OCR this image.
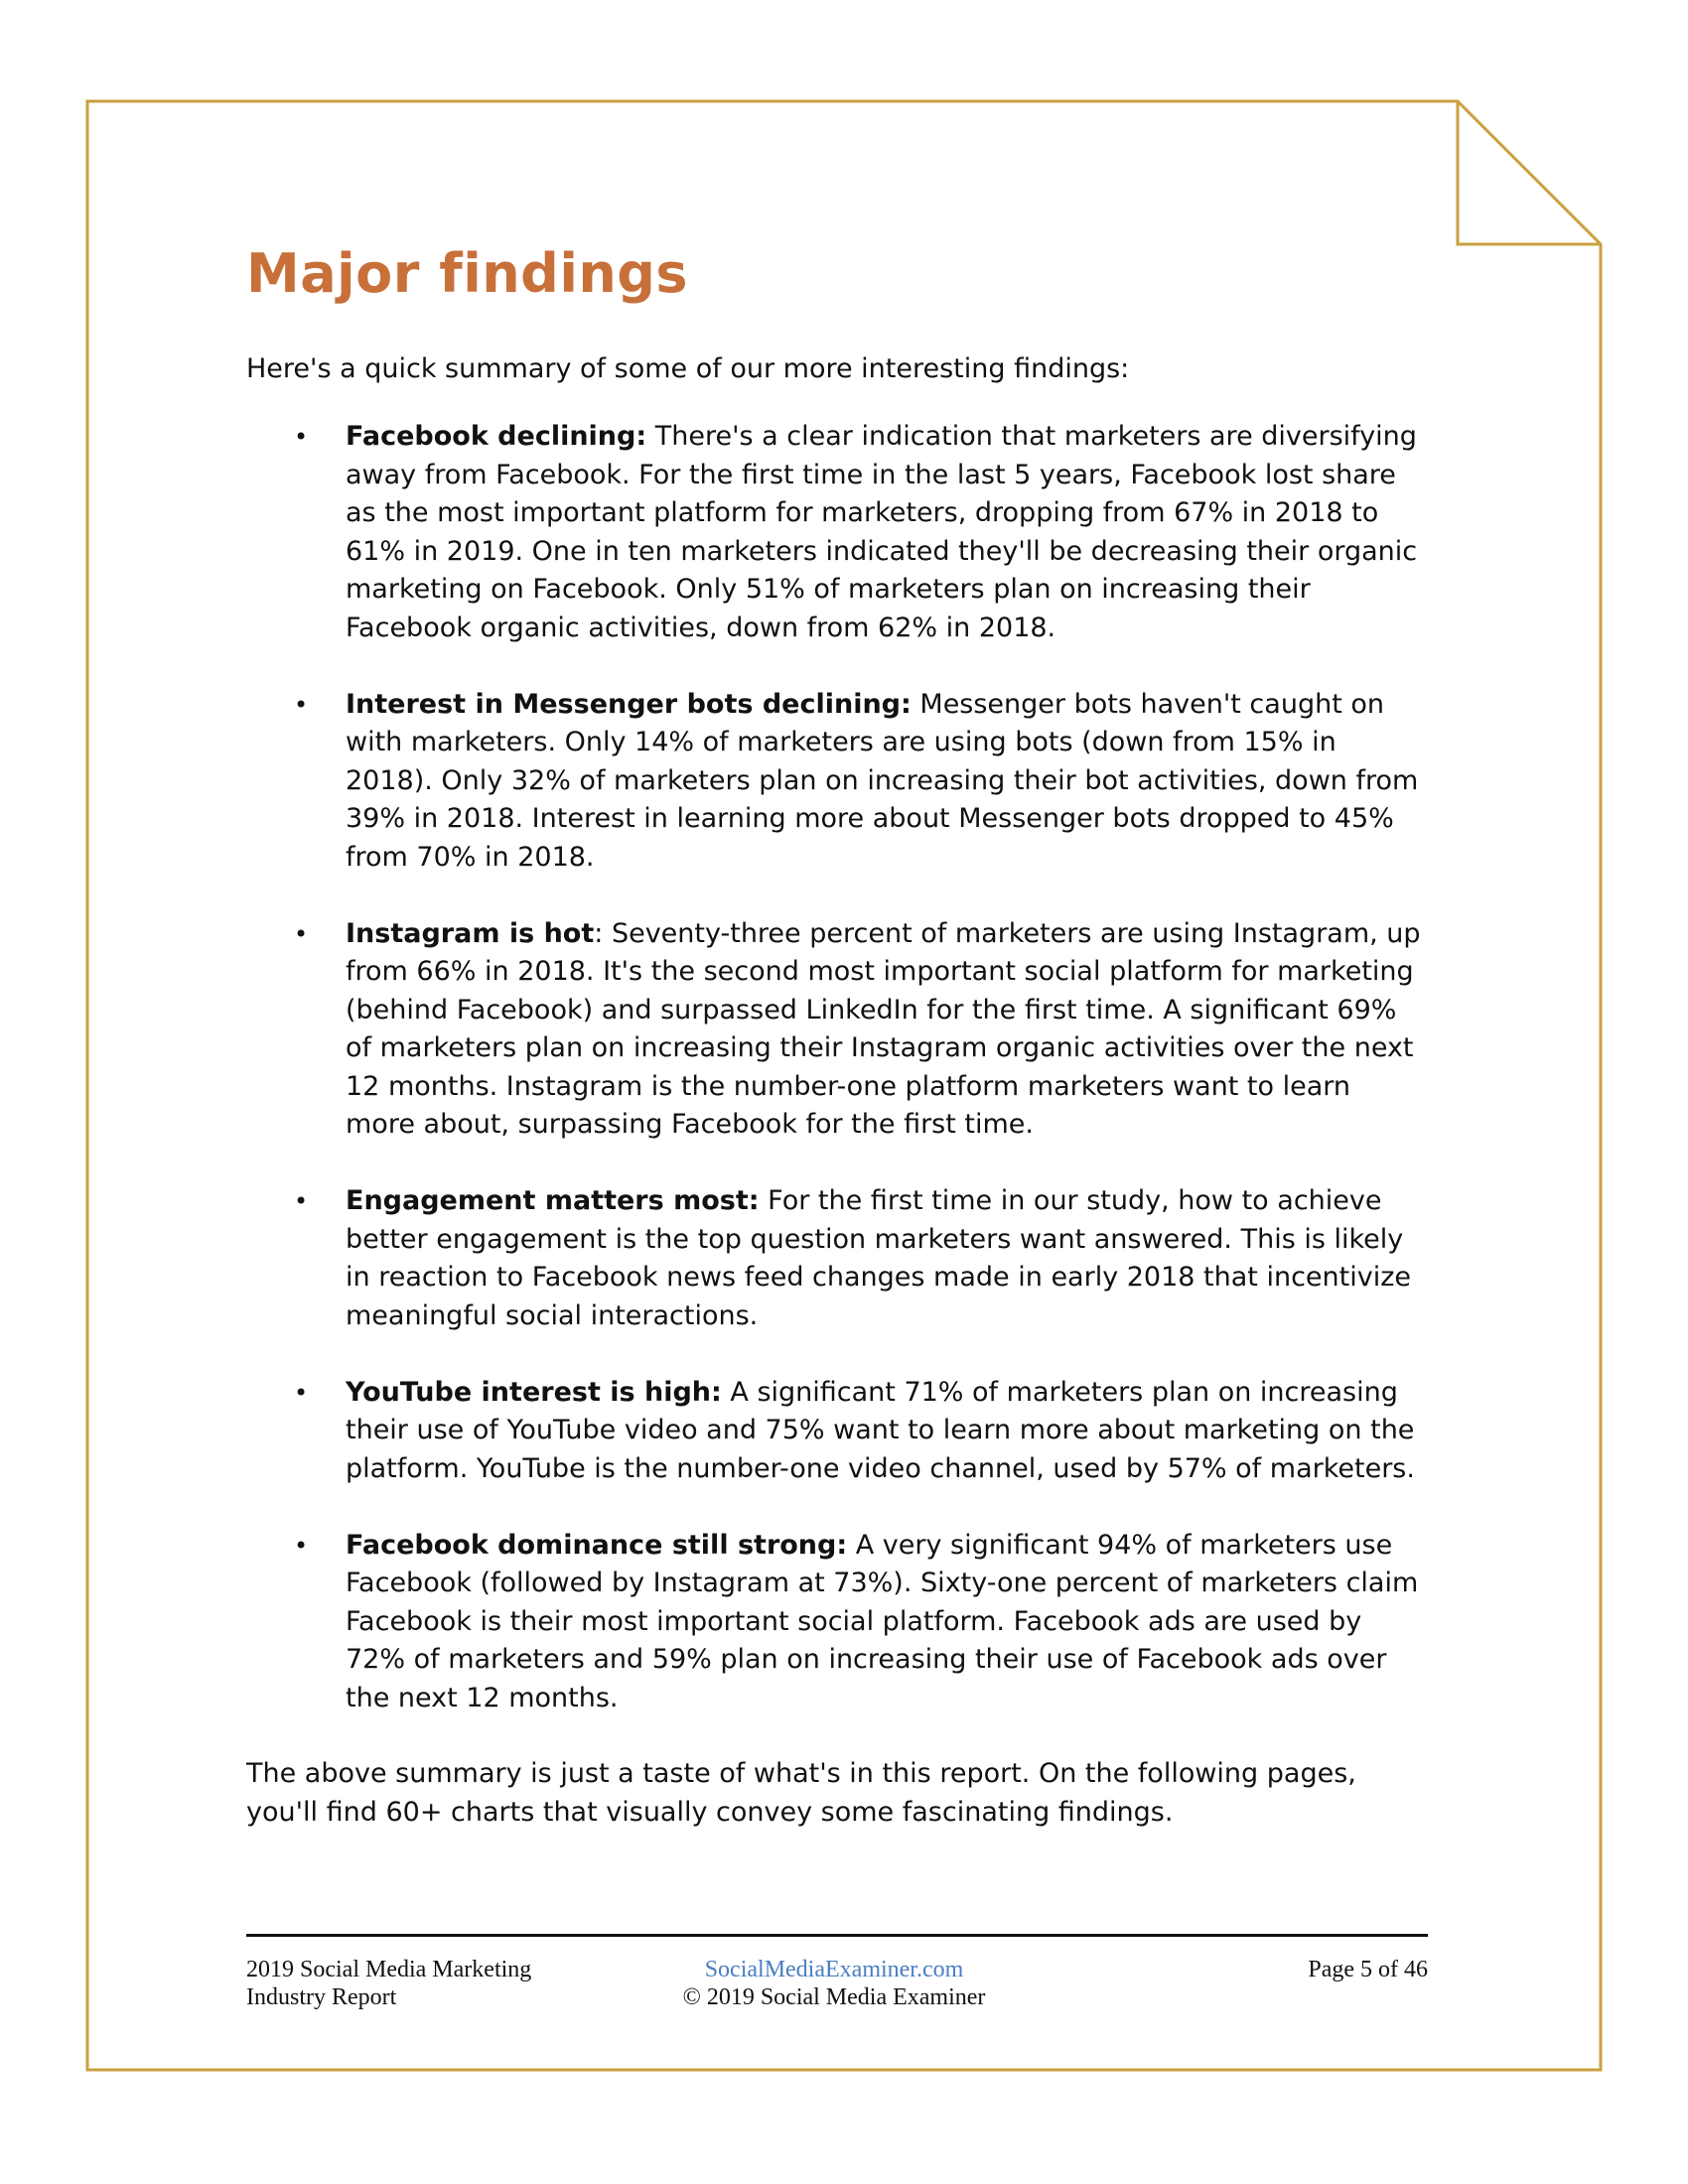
Major findings

Here's a quick summary of some of our more interesting findings:

• Facebook declining: There's a clear indication that marketers are diversifying away from Facebook. For the first time in the last 5 years, Facebook lost share as the most important platform for marketers, dropping from 67% in 2018 to 61% in 2019. One in ten marketers indicated they'll be decreasing their organic marketing on Facebook. Only 51% of marketers plan on increasing their Facebook organic activities, down from 62% in 2018.
• Interest in Messenger bots declining: Messenger bots haven't caught on with marketers. Only 14% of marketers are using bots (down from 15% in 2018). Only 32% of marketers plan on increasing their bot activities, down from 39% in 2018. Interest in learning more about Messenger bots dropped to 45% from 70% in 2018.
• Instagram is hot: Seventy-three percent of marketers are using Instagram, up from 66% in 2018. It's the second most important social platform for marketing (behind Facebook) and surpassed LinkedIn for the first time. A significant 69% of marketers plan on increasing their Instagram organic activities over the next 12 months. Instagram is the number-one platform marketers want to learn more about, surpassing Facebook for the first time.
• Engagement matters most: For the first time in our study, how to achieve better engagement is the top question marketers want answered. This is likely in reaction to Facebook news feed changes made in early 2018 that incentivize meaningful social interactions.
• YouTube interest is high: A significant 71% of marketers plan on increasing their use of YouTube video and 75% want to learn more about marketing on the platform. YouTube is the number-one video channel, used by 57% of marketers.
• Facebook dominance still strong: A very significant 94% of marketers use Facebook (followed by Instagram at 73%). Sixty-one percent of marketers claim Facebook is their most important social platform. Facebook ads are used by 72% of marketers and 59% plan on increasing their use of Facebook ads over the next 12 months.

The above summary is just a taste of what's in this report. On the following pages, you'll find 60+ charts that visually convey some fascinating findings.

2019 Social Media Marketing
Industry Report
SocialMediaExaminer.com
© 2019 Social Media Examiner
Page 5 of 46
